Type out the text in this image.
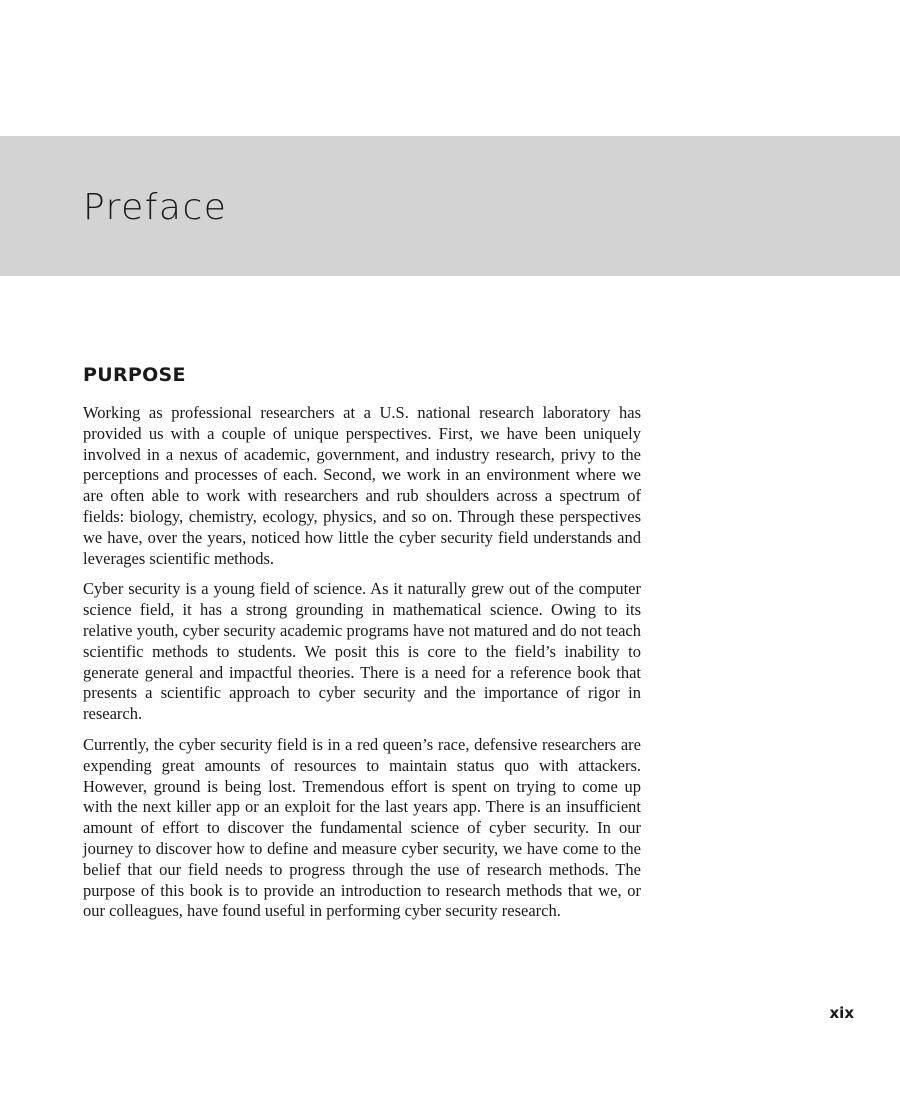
Preface
PURPOSE

Working as professional researchers at a U.S. national research laboratory has provided us with a couple of unique perspectives. First, we have been uniquely involved in a nexus of academic, government, and industry research, privy to the perceptions and processes of each. Second, we work in an environment where we are often able to work with researchers and rub shoulders across a spectrum of fields: biology, chemistry, ecology, physics, and so on. Through these perspectives we have, over the years, noticed how little the cyber security field understands and leverages scientific methods.

Cyber security is a young field of science. As it naturally grew out of the computer science field, it has a strong grounding in mathematical science. Owing to its relative youth, cyber security academic programs have not matured and do not teach scientific methods to students. We posit this is core to the field’s inability to generate general and impactful theories. There is a need for a reference book that presents a scientific approach to cyber security and the importance of rigor in research.

Currently, the cyber security field is in a red queen’s race, defensive researchers are expending great amounts of resources to maintain status quo with attackers. However, ground is being lost. Tremendous effort is spent on trying to come up with the next killer app or an exploit for the last years app. There is an insufficient amount of effort to discover the fundamental science of cyber security. In our journey to discover how to define and measure cyber security, we have come to the belief that our field needs to progress through the use of research methods. The purpose of this book is to provide an introduction to research methods that we, or our colleagues, have found useful in performing cyber security research.

xix
